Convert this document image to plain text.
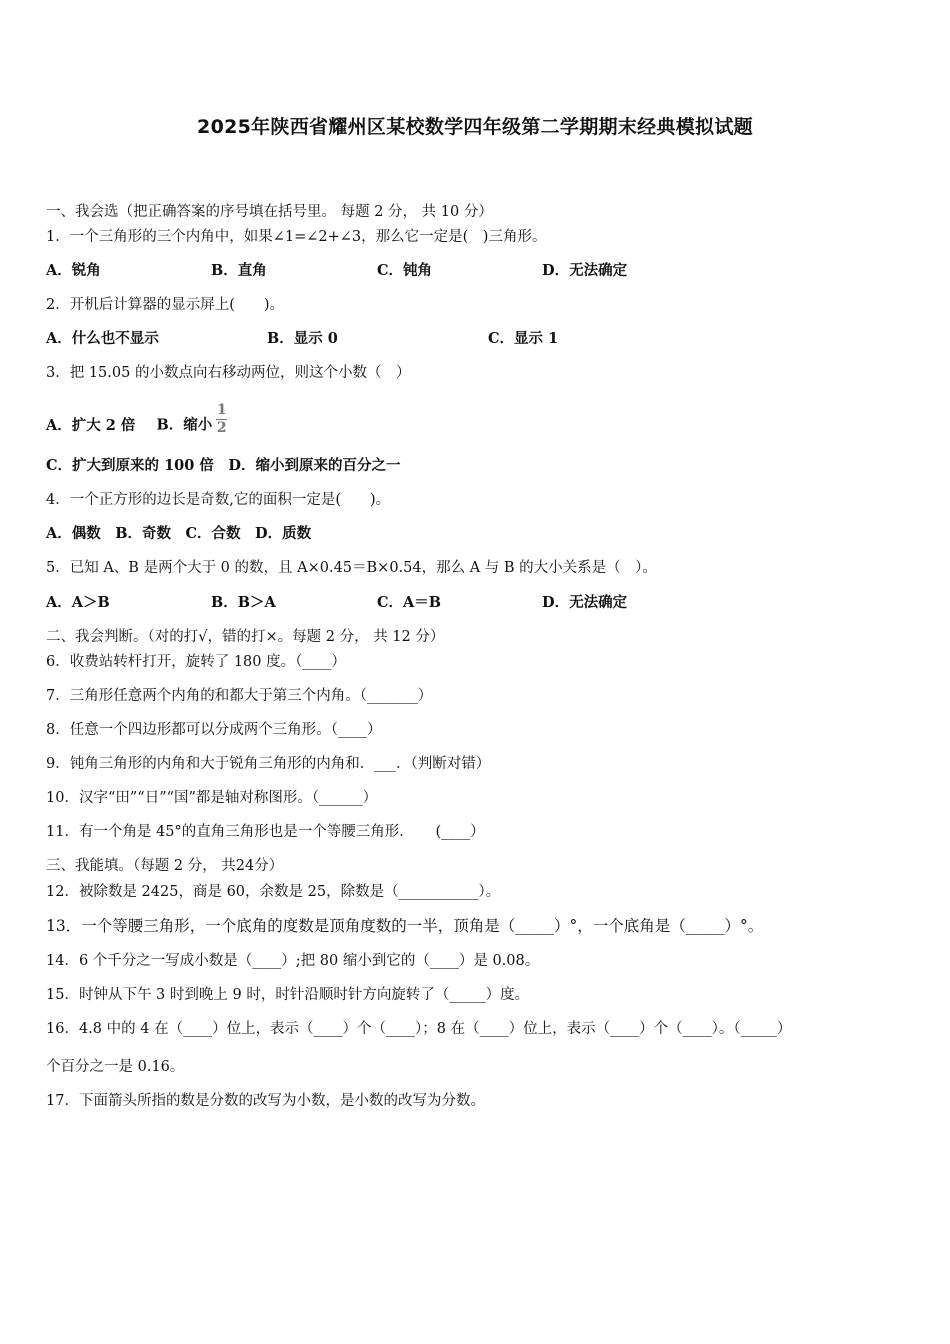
2025年陕西省耀州区某校数学四年级第二学期期末经典模拟试题
一、我会选（把正确答案的序号填在括号里。 每题 2 分， 共 10 分）
1．一个三角形的三个内角中，如果∠1=∠2+∠3，那么它一定是(　)三角形。
A．锐角	B．直角	C．钝角	D．无法确定
2．开机后计算器的显示屏上(　　)。
A．什么也不显示	B．显示 0	C．显示 1
3．把 15.05 的小数点向右移动两位，则这个小数（　）
A．扩大 2 倍 B．缩小 $\frac{1}{2}$
C．扩大到原来的 100 倍　D．缩小到原来的百分之一
4．一个正方形的边长是奇数,它的面积一定是(　　)。
A．偶数　B．奇数　C．合数　D．质数
5．已知 A、B 是两个大于 0 的数，且 A×0.45＝B×0.54，那么 A 与 B 的大小关系是（　）。
A．A＞B	B．B＞A	C．A＝B	D．无法确定
二、我会判断。（对的打√，错的打×。每题 2 分， 共 12 分）
6．收费站转杆打开，旋转了 180 度。（____）
7．三角形任意两个内角的和都大于第三个内角。（_______）
8．任意一个四边形都可以分成两个三角形。（____）
9．钝角三角形的内角和大于锐角三角形的内角和．___．（判断对错）
10．汉字“田”“日”“国”都是轴对称图形。（______）
11．有一个角是 45°的直角三角形也是一个等腰三角形．　　(____）
三、我能填。（每题 2 分， 共24分）
12．被除数是 2425，商是 60，余数是 25，除数是（___________）。
13．一个等腰三角形，一个底角的度数是顶角度数的一半，顶角是（_____）°，一个底角是（_____）°。
14．6 个千分之一写成小数是（____）;把 80 缩小到它的（____）是 0.08。
15．时钟从下午 3 时到晚上 9 时，时针沿顺时针方向旋转了（_____）度。
16．4.8 中的 4 在（____）位上，表示（____）个（____）；8 在（____）位上，表示（____）个（____）。（_____）
个百分之一是 0.16。
17．下面箭头所指的数是分数的改写为小数，是小数的改写为分数。
